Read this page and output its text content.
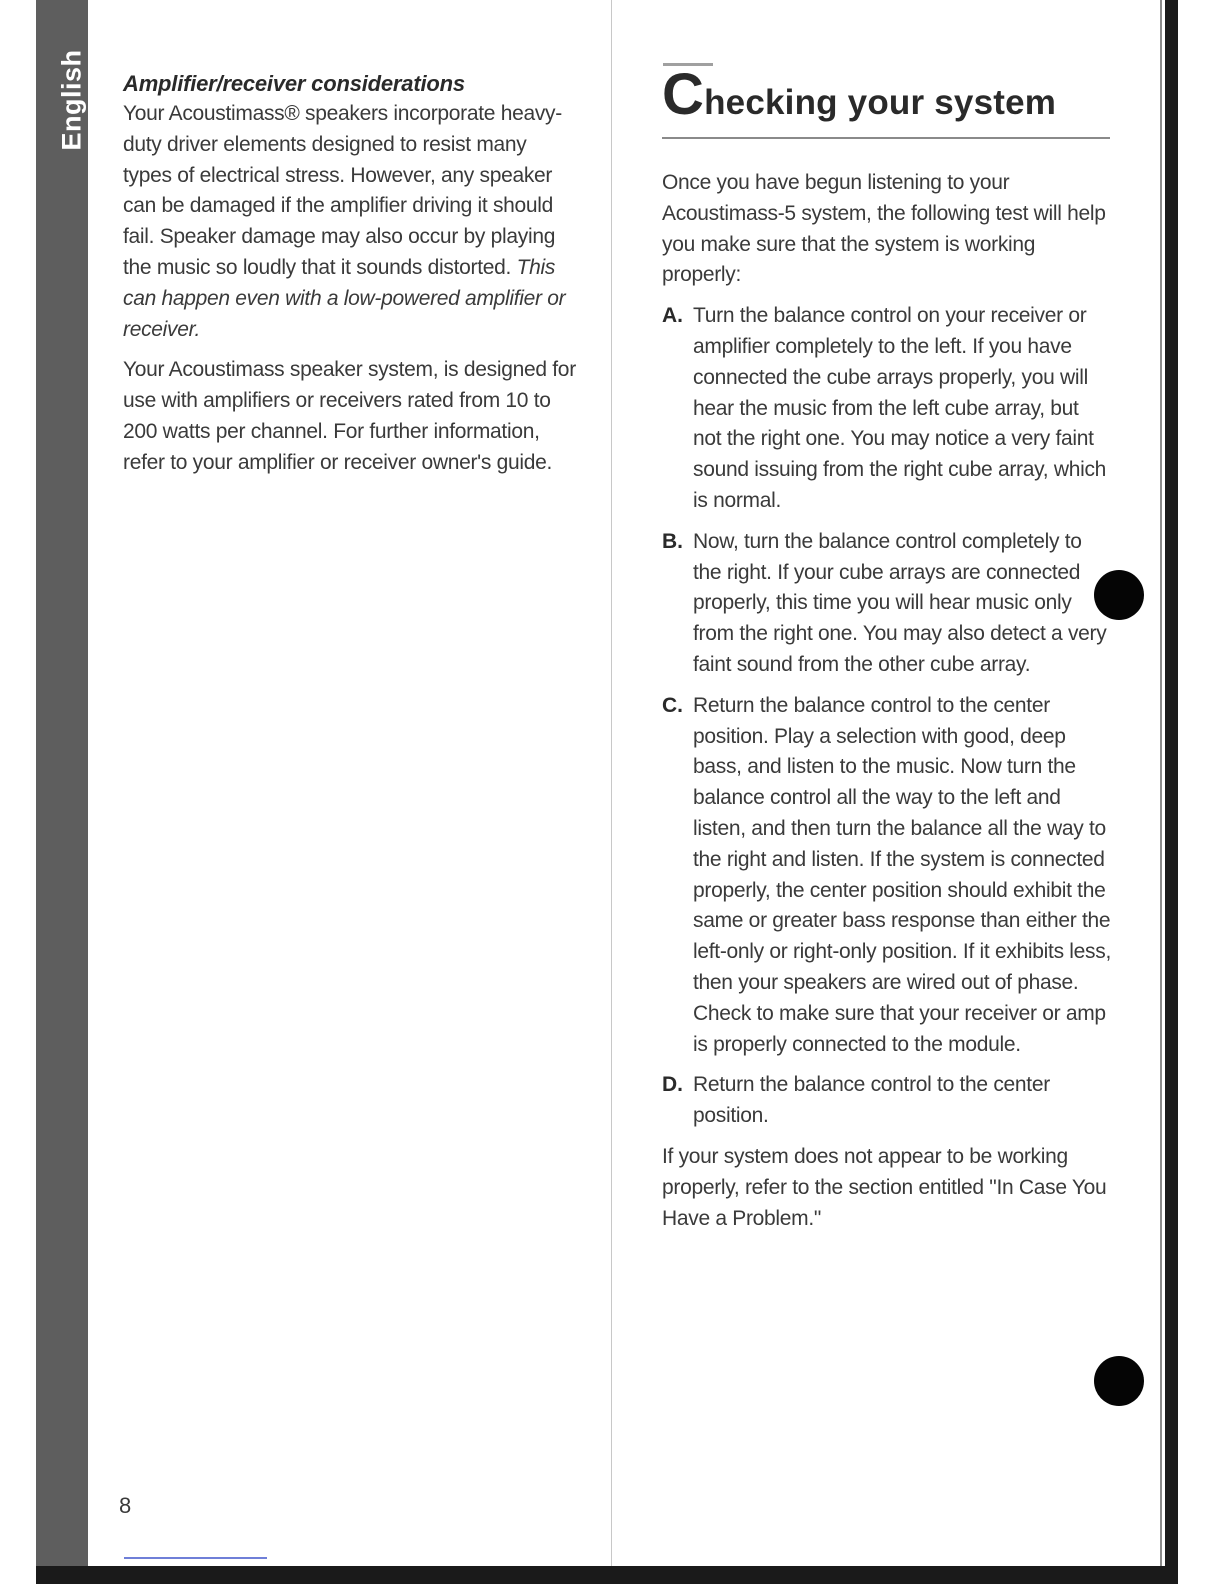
English Amplifier/receiver considerations

Your Acoustimass® speakers incorporate heavy-duty driver elements designed to resist many types of electrical stress. However, any speaker can be damaged if the amplifier driving it should fail. Speaker damage may also occur by playing the music so loudly that it sounds distorted. This can happen even with a low-powered amplifier or receiver.

Your Acoustimass speaker system, is designed for use with amplifiers or receivers rated from 10 to 200 watts per channel. For further information, refer to your amplifier or receiver owner's guide.

8
Checking your system

Once you have begun listening to your Acoustimass-5 system, the following test will help you make sure that the system is working properly:

A. Turn the balance control on your receiver or amplifier completely to the left. If you have connected the cube arrays properly, you will hear the music from the left cube array, but not the right one. You may notice a very faint sound issuing from the right cube array, which is normal.

B. Now, turn the balance control completely to the right. If your cube arrays are connected properly, this time you will hear music only from the right one. You may also detect a very faint sound from the other cube array.

C. Return the balance control to the center position. Play a selection with good, deep bass, and listen to the music. Now turn the balance control all the way to the left and listen, and then turn the balance all the way to the right and listen. If the system is connected properly, the center position should exhibit the same or greater bass response than either the left-only or right-only position. If it exhibits less, then your speakers are wired out of phase. Check to make sure that your receiver or amp is properly connected to the module.

D. Return the balance control to the center position.

If your system does not appear to be working properly, refer to the section entitled "In Case You Have a Problem."
